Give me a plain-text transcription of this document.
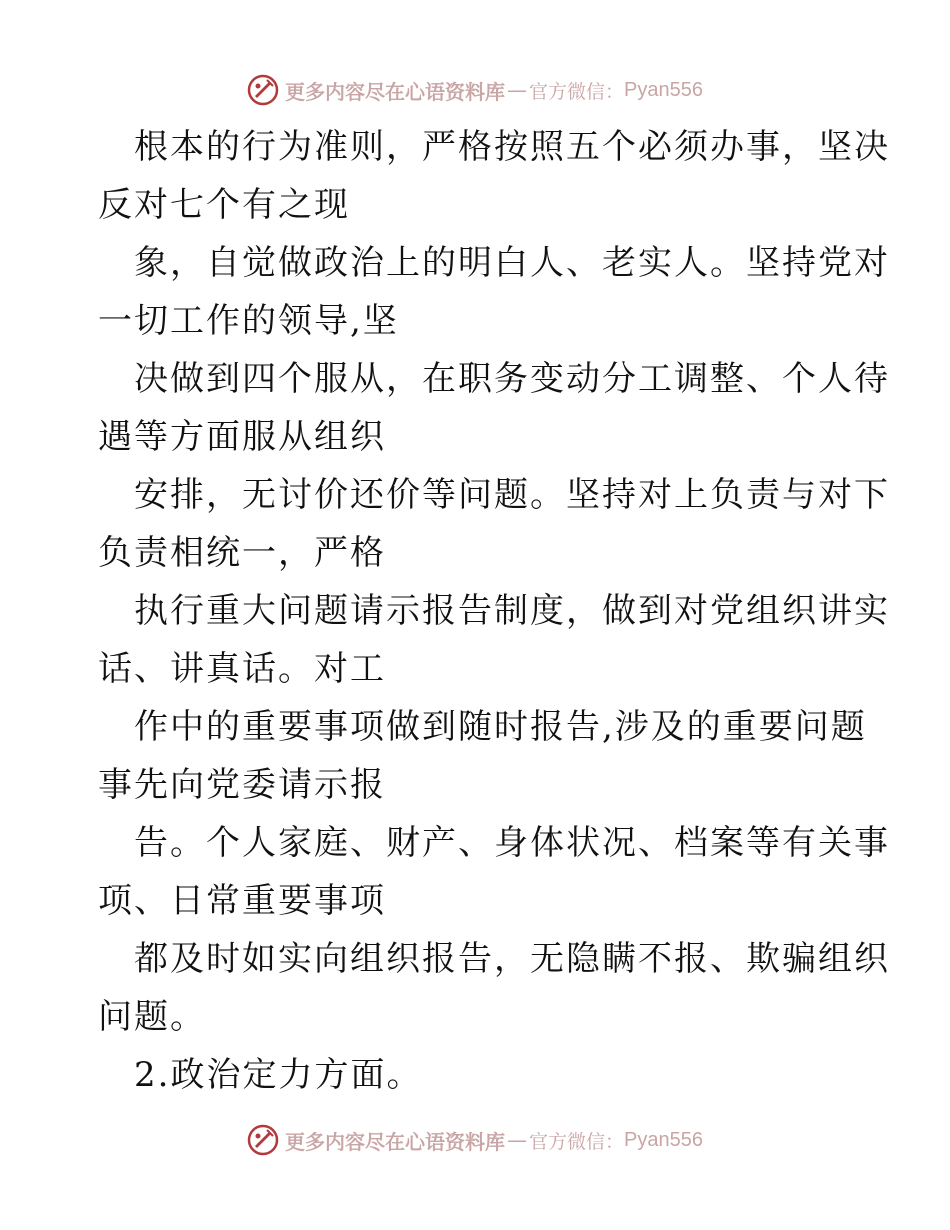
更多内容尽在心语资料库 — 官方微信： Pyan556
根本的行为准则，严格按照五个必须办事，坚决
反对七个有之现
象，自觉做政治上的明白人、老实人。坚持党对
一切工作的领导,坚
决做到四个服从，在职务变动分工调整、个人待
遇等方面服从组织
安排，无讨价还价等问题。坚持对上负责与对下
负责相统一，严格
执行重大问题请示报告制度，做到对党组织讲实
话、讲真话。对工
作中的重要事项做到随时报告,涉及的重要问题
事先向党委请示报
告。个人家庭、财产、身体状况、档案等有关事
项、日常重要事项
都及时如实向组织报告，无隐瞒不报、欺骗组织
问题。
2.政治定力方面。
更多内容尽在心语资料库 — 官方微信： Pyan556
